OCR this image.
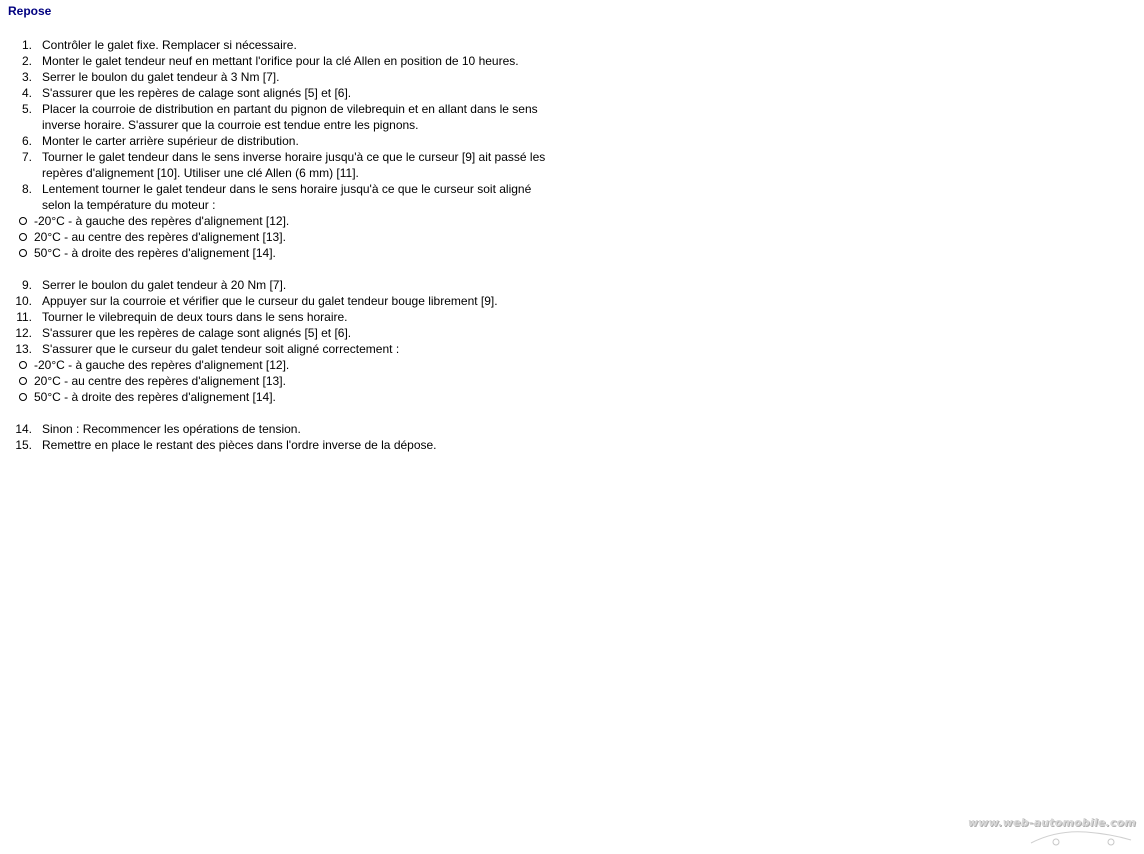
Repose
1. Contrôler le galet fixe. Remplacer si nécessaire.
2. Monter le galet tendeur neuf en mettant l'orifice pour la clé Allen en position de 10 heures.
3. Serrer le boulon du galet tendeur à 3 Nm [7].
4. S'assurer que les repères de calage sont alignés [5] et [6].
5. Placer la courroie de distribution en partant du pignon de vilebrequin et en allant dans le sens
inverse horaire. S'assurer que la courroie est tendue entre les pignons.
6. Monter le carter arrière supérieur de distribution.
7. Tourner le galet tendeur dans le sens inverse horaire jusqu'à ce que le curseur [9] ait passé les
repères d'alignement [10]. Utiliser une clé Allen (6 mm) [11].
8. Lentement tourner le galet tendeur dans le sens horaire jusqu'à ce que le curseur soit aligné
selon la température du moteur :
-20°C - à gauche des repères d'alignement [12].
20°C - au centre des repères d'alignement [13].
50°C - à droite des repères d'alignement [14].
9. Serrer le boulon du galet tendeur à 20 Nm [7].
10. Appuyer sur la courroie et vérifier que le curseur du galet tendeur bouge librement [9].
11. Tourner le vilebrequin de deux tours dans le sens horaire.
12. S'assurer que les repères de calage sont alignés [5] et [6].
13. S'assurer que le curseur du galet tendeur soit aligné correctement :
-20°C - à gauche des repères d'alignement [12].
20°C - au centre des repères d'alignement [13].
50°C - à droite des repères d'alignement [14].
14. Sinon : Recommencer les opérations de tension.
15. Remettre en place le restant des pièces dans l'ordre inverse de la dépose.
www.web-automobile.com
